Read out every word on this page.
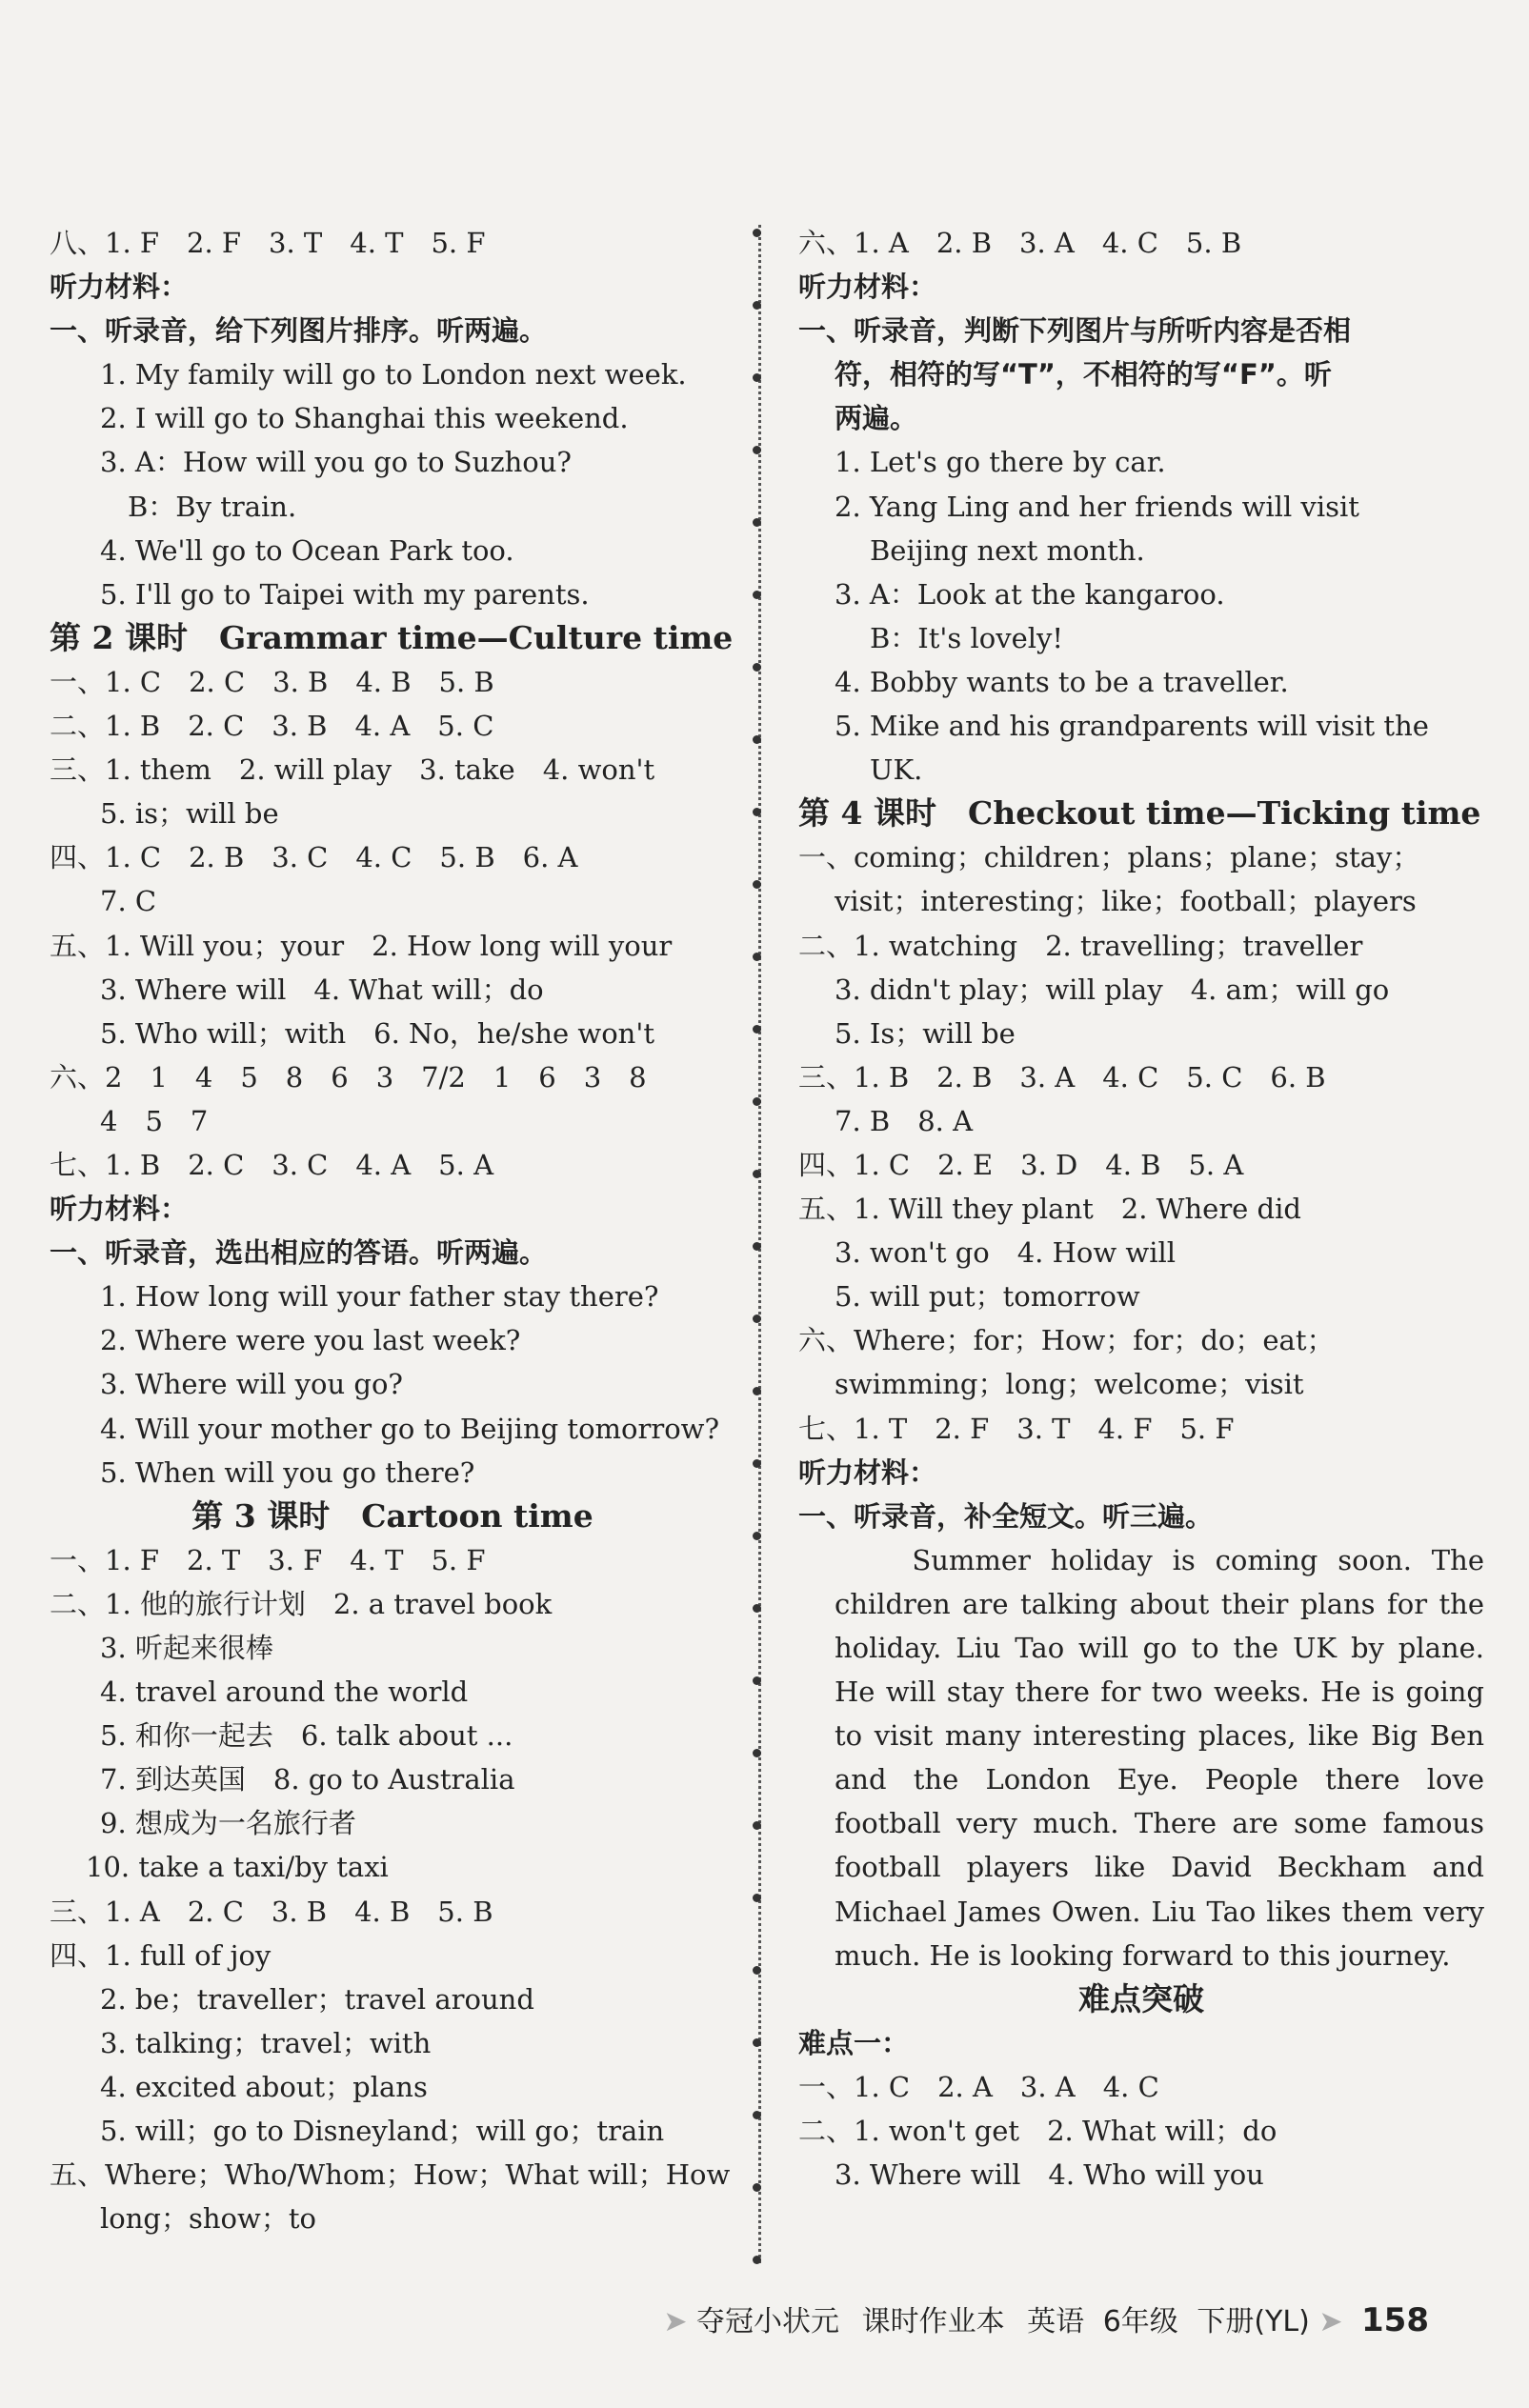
八、1. F　2. F　3. T　4. T　5. F
听力材料：
一、听录音，给下列图片排序。听两遍。
1. My family will go to London next week.
2. I will go to Shanghai this weekend.
3. A：How will you go to Suzhou?
B：By train.
4. We'll go to Ocean Park too.
5. I'll go to Taipei with my parents.
第 2 课时　Grammar time—Culture time
一、1. C　2. C　3. B　4. B　5. B
二、1. B　2. C　3. B　4. A　5. C
三、1. them　2. will play　3. take　4. won't
5. is；will be
四、1. C　2. B　3. C　4. C　5. B　6. A
7. C
五、1. Will you；your　2. How long will your
3. Where will　4. What will；do
5. Who will；with　6. No，he/she won't
六、2　1　4　5　8　6　3　7/2　1　6　3　8
4　5　7
七、1. B　2. C　3. C　4. A　5. A
听力材料：
一、听录音，选出相应的答语。听两遍。
1. How long will your father stay there?
2. Where were you last week?
3. Where will you go?
4. Will your mother go to Beijing tomorrow?
5. When will you go there?
第 3 课时　Cartoon time
一、1. F　2. T　3. F　4. T　5. F
二、1. 他的旅行计划　2. a travel book
3. 听起来很棒
4. travel around the world
5. 和你一起去　6. talk about ...
7. 到达英国　8. go to Australia
9. 想成为一名旅行者
10. take a taxi/by taxi
三、1. A　2. C　3. B　4. B　5. B
四、1. full of joy
2. be；traveller；travel around
3. talking；travel；with
4. excited about；plans
5. will；go to Disneyland；will go；train
五、Where；Who/Whom；How；What will；How
long；show；to
六、1. A　2. B　3. A　4. C　5. B
听力材料：
一、听录音，判断下列图片与所听内容是否相
符，相符的写“T”，不相符的写“F”。听
两遍。
1. Let's go there by car.
2. Yang Ling and her friends will visit
Beijing next month.
3. A：Look at the kangaroo.
B：It's lovely!
4. Bobby wants to be a traveller.
5. Mike and his grandparents will visit the
UK.
第 4 课时　Checkout time—Ticking time
一、coming；children；plans；plane；stay；
visit；interesting；like；football；players
二、1. watching　2. travelling；traveller
3. didn't play；will play　4. am；will go
5. Is；will be
三、1. B　2. B　3. A　4. C　5. C　6. B
7. B　8. A
四、1. C　2. E　3. D　4. B　5. A
五、1. Will they plant　2. Where did
3. won't go　4. How will
5. will put；tomorrow
六、Where；for；How；for；do；eat；
swimming；long；welcome；visit
七、1. T　2. F　3. T　4. F　5. F
听力材料：
一、听录音，补全短文。听三遍。
　　Summer holiday is coming soon. The children are talking about their plans for the holiday. Liu Tao will go to the UK by plane. He will stay there for two weeks. He is going to visit many interesting places, like Big Ben and the London Eye. People there love football very much. There are some famous football players like David Beckham and Michael James Owen. Liu Tao likes them very much. He is looking forward to this journey.
难点突破
难点一：
一、1. C　2. A　3. A　4. C
二、1. won't get　2. What will；do
3. Where will　4. Who will you
➤ 夺冠小状元 课时作业本 英语 6年级 下册(YL) ➤ 158
